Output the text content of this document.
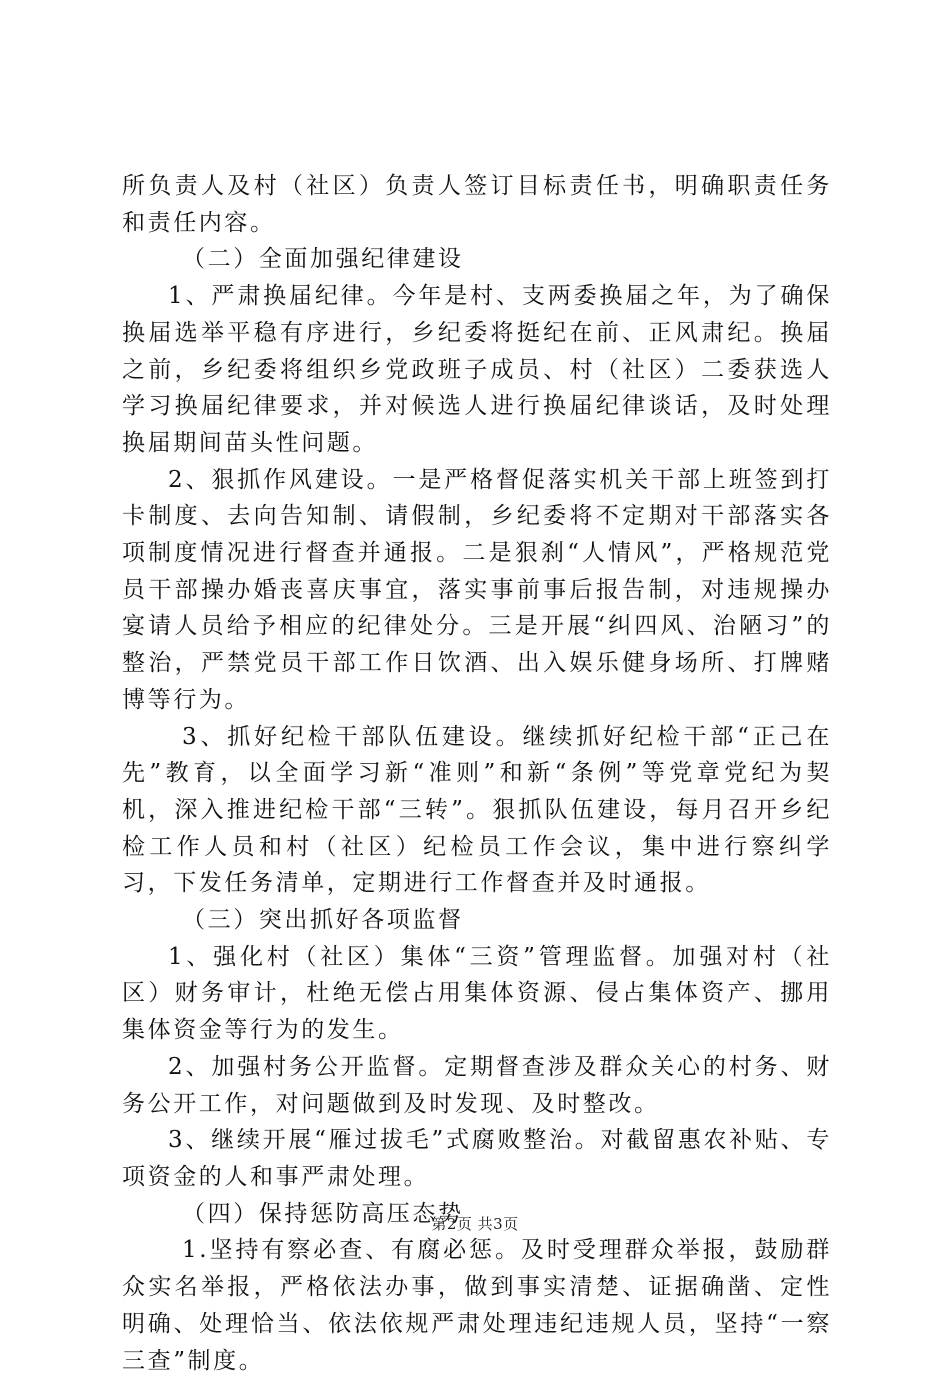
所负责人及村（社区）负责人签订目标责任书，明确职责任务和责任内容。

（二）全面加强纪律建设

1、严肃换届纪律。今年是村、支两委换届之年，为了确保换届选举平稳有序进行，乡纪委将挺纪在前、正风肃纪。换届之前，乡纪委将组织乡党政班子成员、村（社区）二委获选人学习换届纪律要求，并对候选人进行换届纪律谈话，及时处理换届期间苗头性问题。

2、狠抓作风建设。一是严格督促落实机关干部上班签到打卡制度、去向告知制、请假制，乡纪委将不定期对干部落实各项制度情况进行督查并通报。二是狠刹“人情风”，严格规范党员干部操办婚丧喜庆事宜，落实事前事后报告制，对违规操办宴请人员给予相应的纪律处分。三是开展“纠四风、治陋习”的整治，严禁党员干部工作日饮酒、出入娱乐健身场所、打牌赌博等行为。

3、抓好纪检干部队伍建设。继续抓好纪检干部“正己在先”教育，以全面学习新“准则”和新“条例”等党章党纪为契机，深入推进纪检干部“三转”。狠抓队伍建设，每月召开乡纪检工作人员和村（社区）纪检员工作会议，集中进行察纠学习，下发任务清单，定期进行工作督查并及时通报。

（三）突出抓好各项监督

1、强化村（社区）集体“三资”管理监督。加强对村（社区）财务审计，杜绝无偿占用集体资源、侵占集体资产、挪用集体资金等行为的发生。

2、加强村务公开监督。定期督查涉及群众关心的村务、财务公开工作，对问题做到及时发现、及时整改。

3、继续开展“雁过拔毛”式腐败整治。对截留惠农补贴、专项资金的人和事严肃处理。

（四）保持惩防高压态势

1.坚持有察必查、有腐必惩。及时受理群众举报，鼓励群众实名举报，严格依法办事，做到事实清楚、证据确凿、定性明确、处理恰当、依法依规严肃处理违纪违规人员，坚持“一察三查”制度。

第2页 共3页
